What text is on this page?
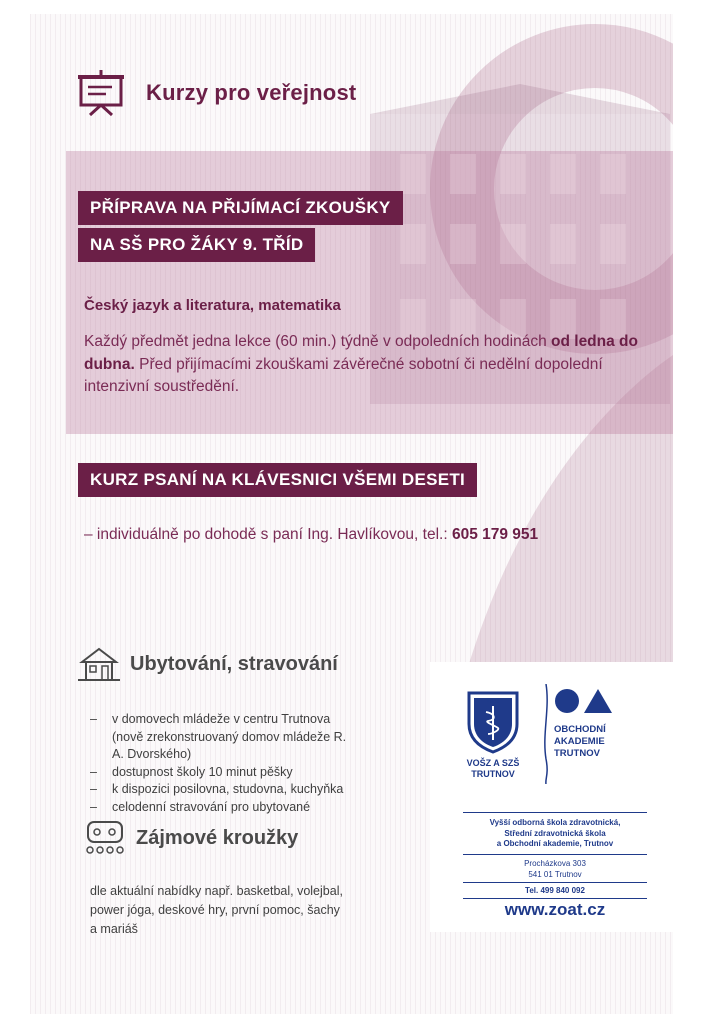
Kurzy pro veřejnost
PŘÍPRAVA NA PŘIJÍMACÍ ZKOUŠKY
NA SŠ PRO ŽÁKY 9. TŘÍD
Český jazyk a literatura, matematika
Každý předmět jedna lekce (60 min.) týdně v odpoledních hodinách od ledna do dubna. Před přijímacími zkouškami závěrečné sobotní či nedělní dopolední intenzivní soustředění.
KURZ PSANÍ NA KLÁVESNICI VŠEMI DESETI
– individuálně po dohodě s paní Ing. Havlíkovou, tel.: 605 179 951
Ubytování, stravování
– v domovech mládeže v centru Trutnova (nově zrekonstruovaný domov mládeže R. A. Dvorského)
– dostupnost školy 10 minut pěšky
– k dispozici posilovna, studovna, kuchyňka
– celodenní stravování pro ubytované
Zájmové kroužky
dle aktuální nabídky např. basketbal, volejbal, power jóga, deskové hry, první pomoc, šachy a mariáš
1949
VOŠZ A SZŠ
TRUTNOV
OBCHODNÍ
AKADEMIE
TRUTNOV
Vyšší odborná škola zdravotnická,
Střední zdravotnická škola
a Obchodní akademie, Trutnov
Procházkova 303
541 01 Trutnov
Tel. 499 840 092
www.zoat.cz
